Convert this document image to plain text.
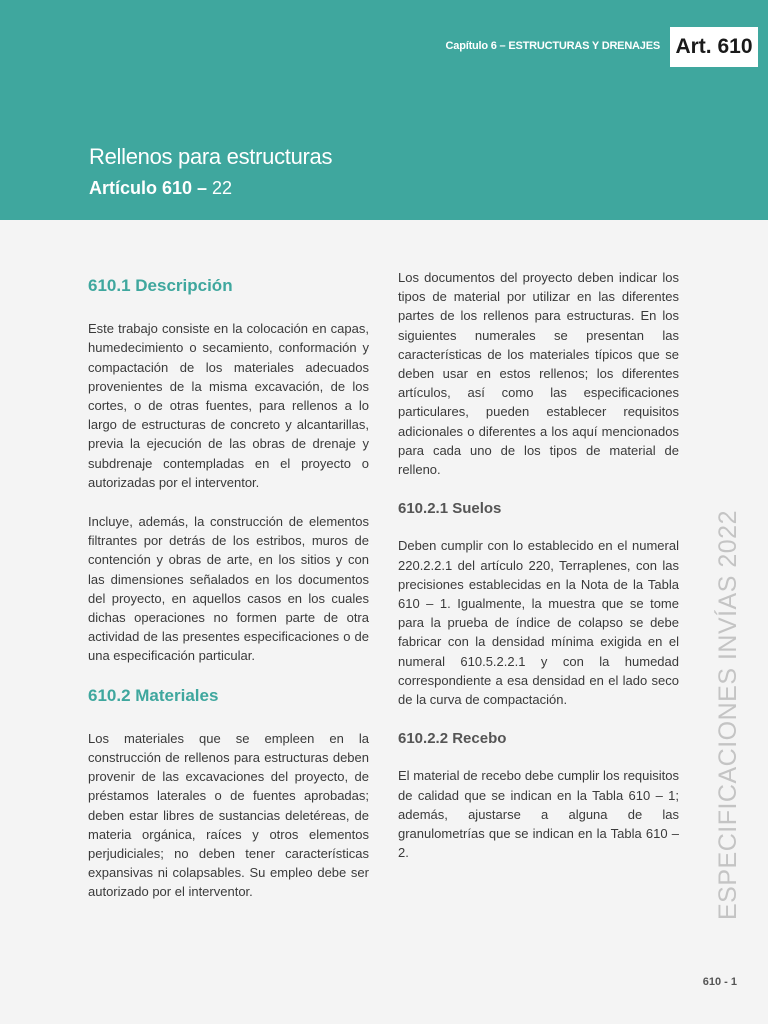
Capítulo 6 – ESTRUCTURAS Y DRENAJES Art. 610
Rellenos para estructuras
Artículo 610 – 22
610.1 Descripción

Este trabajo consiste en la colocación en capas, humedecimiento o secamiento, conformación y compactación de los materiales adecuados provenientes de la misma excavación, de los cortes, o de otras fuentes, para rellenos a lo largo de estructuras de concreto y alcantarillas, previa la ejecución de las obras de drenaje y subdrenaje contempladas en el proyecto o autorizadas por el interventor.

Incluye, además, la construcción de elementos filtrantes por detrás de los estribos, muros de contención y obras de arte, en los sitios y con las dimensiones señalados en los documentos del proyecto, en aquellos casos en los cuales dichas operaciones no formen parte de otra actividad de las presentes especificaciones o de una especificación particular.

610.2 Materiales

Los materiales que se empleen en la construcción de rellenos para estructuras deben provenir de las excavaciones del proyecto, de préstamos laterales o de fuentes aprobadas; deben estar libres de sustancias deletéreas, de materia orgánica, raíces y otros elementos perjudiciales; no deben tener características expansivas ni colapsables. Su empleo debe ser autorizado por el interventor.

Los documentos del proyecto deben indicar los tipos de material por utilizar en las diferentes partes de los rellenos para estructuras. En los siguientes numerales se presentan las características de los materiales típicos que se deben usar en estos rellenos; los diferentes artículos, así como las especificaciones particulares, pueden establecer requisitos adicionales o diferentes a los aquí mencionados para cada uno de los tipos de material de relleno.

610.2.1 Suelos

Deben cumplir con lo establecido en el numeral 220.2.2.1 del artículo 220, Terraplenes, con las precisiones establecidas en la Nota de la Tabla 610 – 1. Igualmente, la muestra que se tome para la prueba de índice de colapso se debe fabricar con la densidad mínima exigida en el numeral 610.5.2.2.1 y con la humedad correspondiente a esa densidad en el lado seco de la curva de compactación.

610.2.2 Recebo

El material de recebo debe cumplir los requisitos de calidad que se indican en la Tabla 610 – 1; además, ajustarse a alguna de las granulometrías que se indican en la Tabla 610 – 2.	ESPECIFICACIONES INVÍAS 2022
610 - 1
